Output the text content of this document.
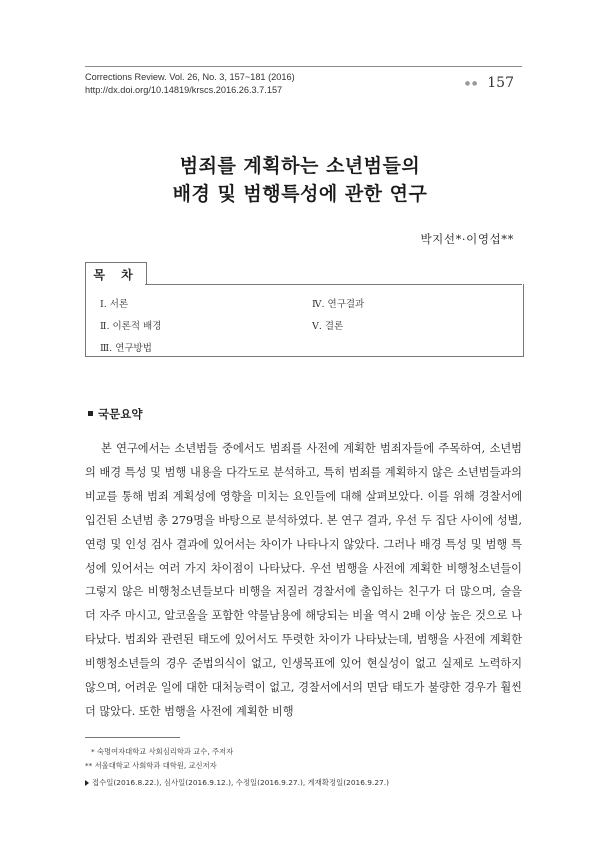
Corrections Review. Vol. 26, No. 3, 157~181 (2016)
http://dx.doi.org/10.14819/krscs.2016.26.3.7.157
● ● 157
범죄를 계획하는 소년범들의
배경 및 범행특성에 관한 연구
박지선*·이영섭**
목 차
Ⅰ. 서론
Ⅱ. 이론적 배경
Ⅲ. 연구방법
Ⅳ. 연구결과
Ⅴ. 결론
국문요약

본 연구에서는 소년범들 중에서도 범죄를 사전에 계획한 범죄자들에 주목하여, 소년범의 배경 특성 및 범행 내용을 다각도로 분석하고, 특히 범죄를 계획하지 않은 소년범들과의 비교를 통해 범죄 계획성에 영향을 미치는 요인들에 대해 살펴보았다. 이를 위해 경찰서에 입건된 소년범 총 279명을 바탕으로 분석하였다. 본 연구 결과, 우선 두 집단 사이에 성별, 연령 및 인성 검사 결과에 있어서는 차이가 나타나지 않았다. 그러나 배경 특성 및 범행 특성에 있어서는 여러 가지 차이점이 나타났다. 우선 범행을 사전에 계획한 비행청소년들이 그렇지 않은 비행청소년들보다 비행을 저질러 경찰서에 출입하는 친구가 더 많으며, 술을 더 자주 마시고, 알코올을 포함한 약물남용에 해당되는 비율 역시 2배 이상 높은 것으로 나타났다. 범죄와 관련된 태도에 있어서도 뚜렷한 차이가 나타났는데, 범행을 사전에 계획한 비행청소년들의 경우 준법의식이 없고, 인생목표에 있어 현실성이 없고 실제로 노력하지 않으며, 어려운 일에 대한 대처능력이 없고, 경찰서에서의 면담 태도가 불량한 경우가 훨씬 더 많았다. 또한 범행을 사전에 계획한 비행

* 숙명여자대학교 사회심리학과 교수, 주저자
** 서울대학교 사회학과 대학원, 교신저자
접수일(2016.8.22.), 심사일(2016.9.12.), 수정일(2016.9.27.), 게재확정일(2016.9.27.)
